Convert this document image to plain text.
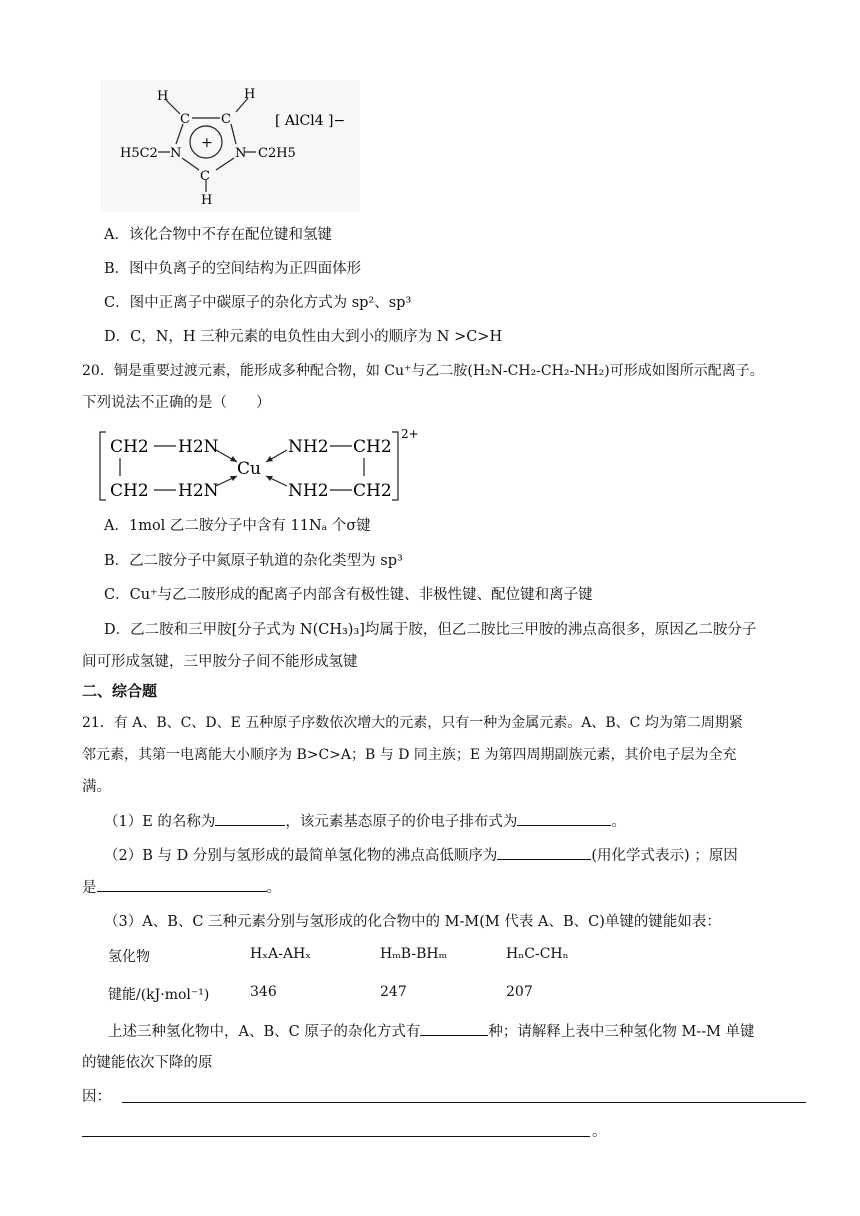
H	H
C C
+
N	N
C
H
H5C2	C2H5
[ AlCl4 ]−
A．该化合物中不存在配位键和氢键
B．图中负离子的空间结构为正四面体形
C．图中正离子中碳原子的杂化方式为 sp²、sp³
D．C，N，H 三种元素的电负性由大到小的顺序为 N >C>H
20．铜是重要过渡元素，能形成多种配合物，如 Cu⁺与乙二胺(H₂N-CH₂-CH₂-NH₂)可形成如图所示配离子。
下列说法不正确的是（　　）
2+
CH2 H2N
CH2 H2N
Cu
NH2 CH2
NH2 CH2
A．1mol 乙二胺分子中含有 11Nₐ 个σ键
B．乙二胺分子中氮原子轨道的杂化类型为 sp³
C．Cu⁺与乙二胺形成的配离子内部含有极性键、非极性键、配位键和离子键
D．乙二胺和三甲胺[分子式为 N(CH₃)₃]均属于胺，但乙二胺比三甲胺的沸点高很多，原因乙二胺分子
间可形成氢键，三甲胺分子间不能形成氢键
二、综合题
21．有 A、B、C、D、E 五种原子序数依次增大的元素，只有一种为金属元素。A、B、C 均为第二周期紧
邻元素，其第一电离能大小顺序为 B>C>A；B 与 D 同主族；E 为第四周期副族元素，其价电子层为全充
满。
（1）E 的名称为	，该元素基态原子的价电子排布式为	。
（2）B 与 D 分别与氢形成的最简单氢化物的沸点高低顺序为	(用化学式表示) ；原因
是	。
（3）A、B、C 三种元素分别与氢形成的化合物中的 M-M(M 代表 A、B、C)单键的键能如表：
氢化物	HₓA-AHₓ	HₘB-BHₘ	HₙC-CHₙ
键能/(kJ·mol⁻¹)	346	247	207
上述三种氢化物中，A、B、C 原子的杂化方式有	种；请解释上表中三种氢化物 M--M 单键
的键能依次下降的原
因：
。
